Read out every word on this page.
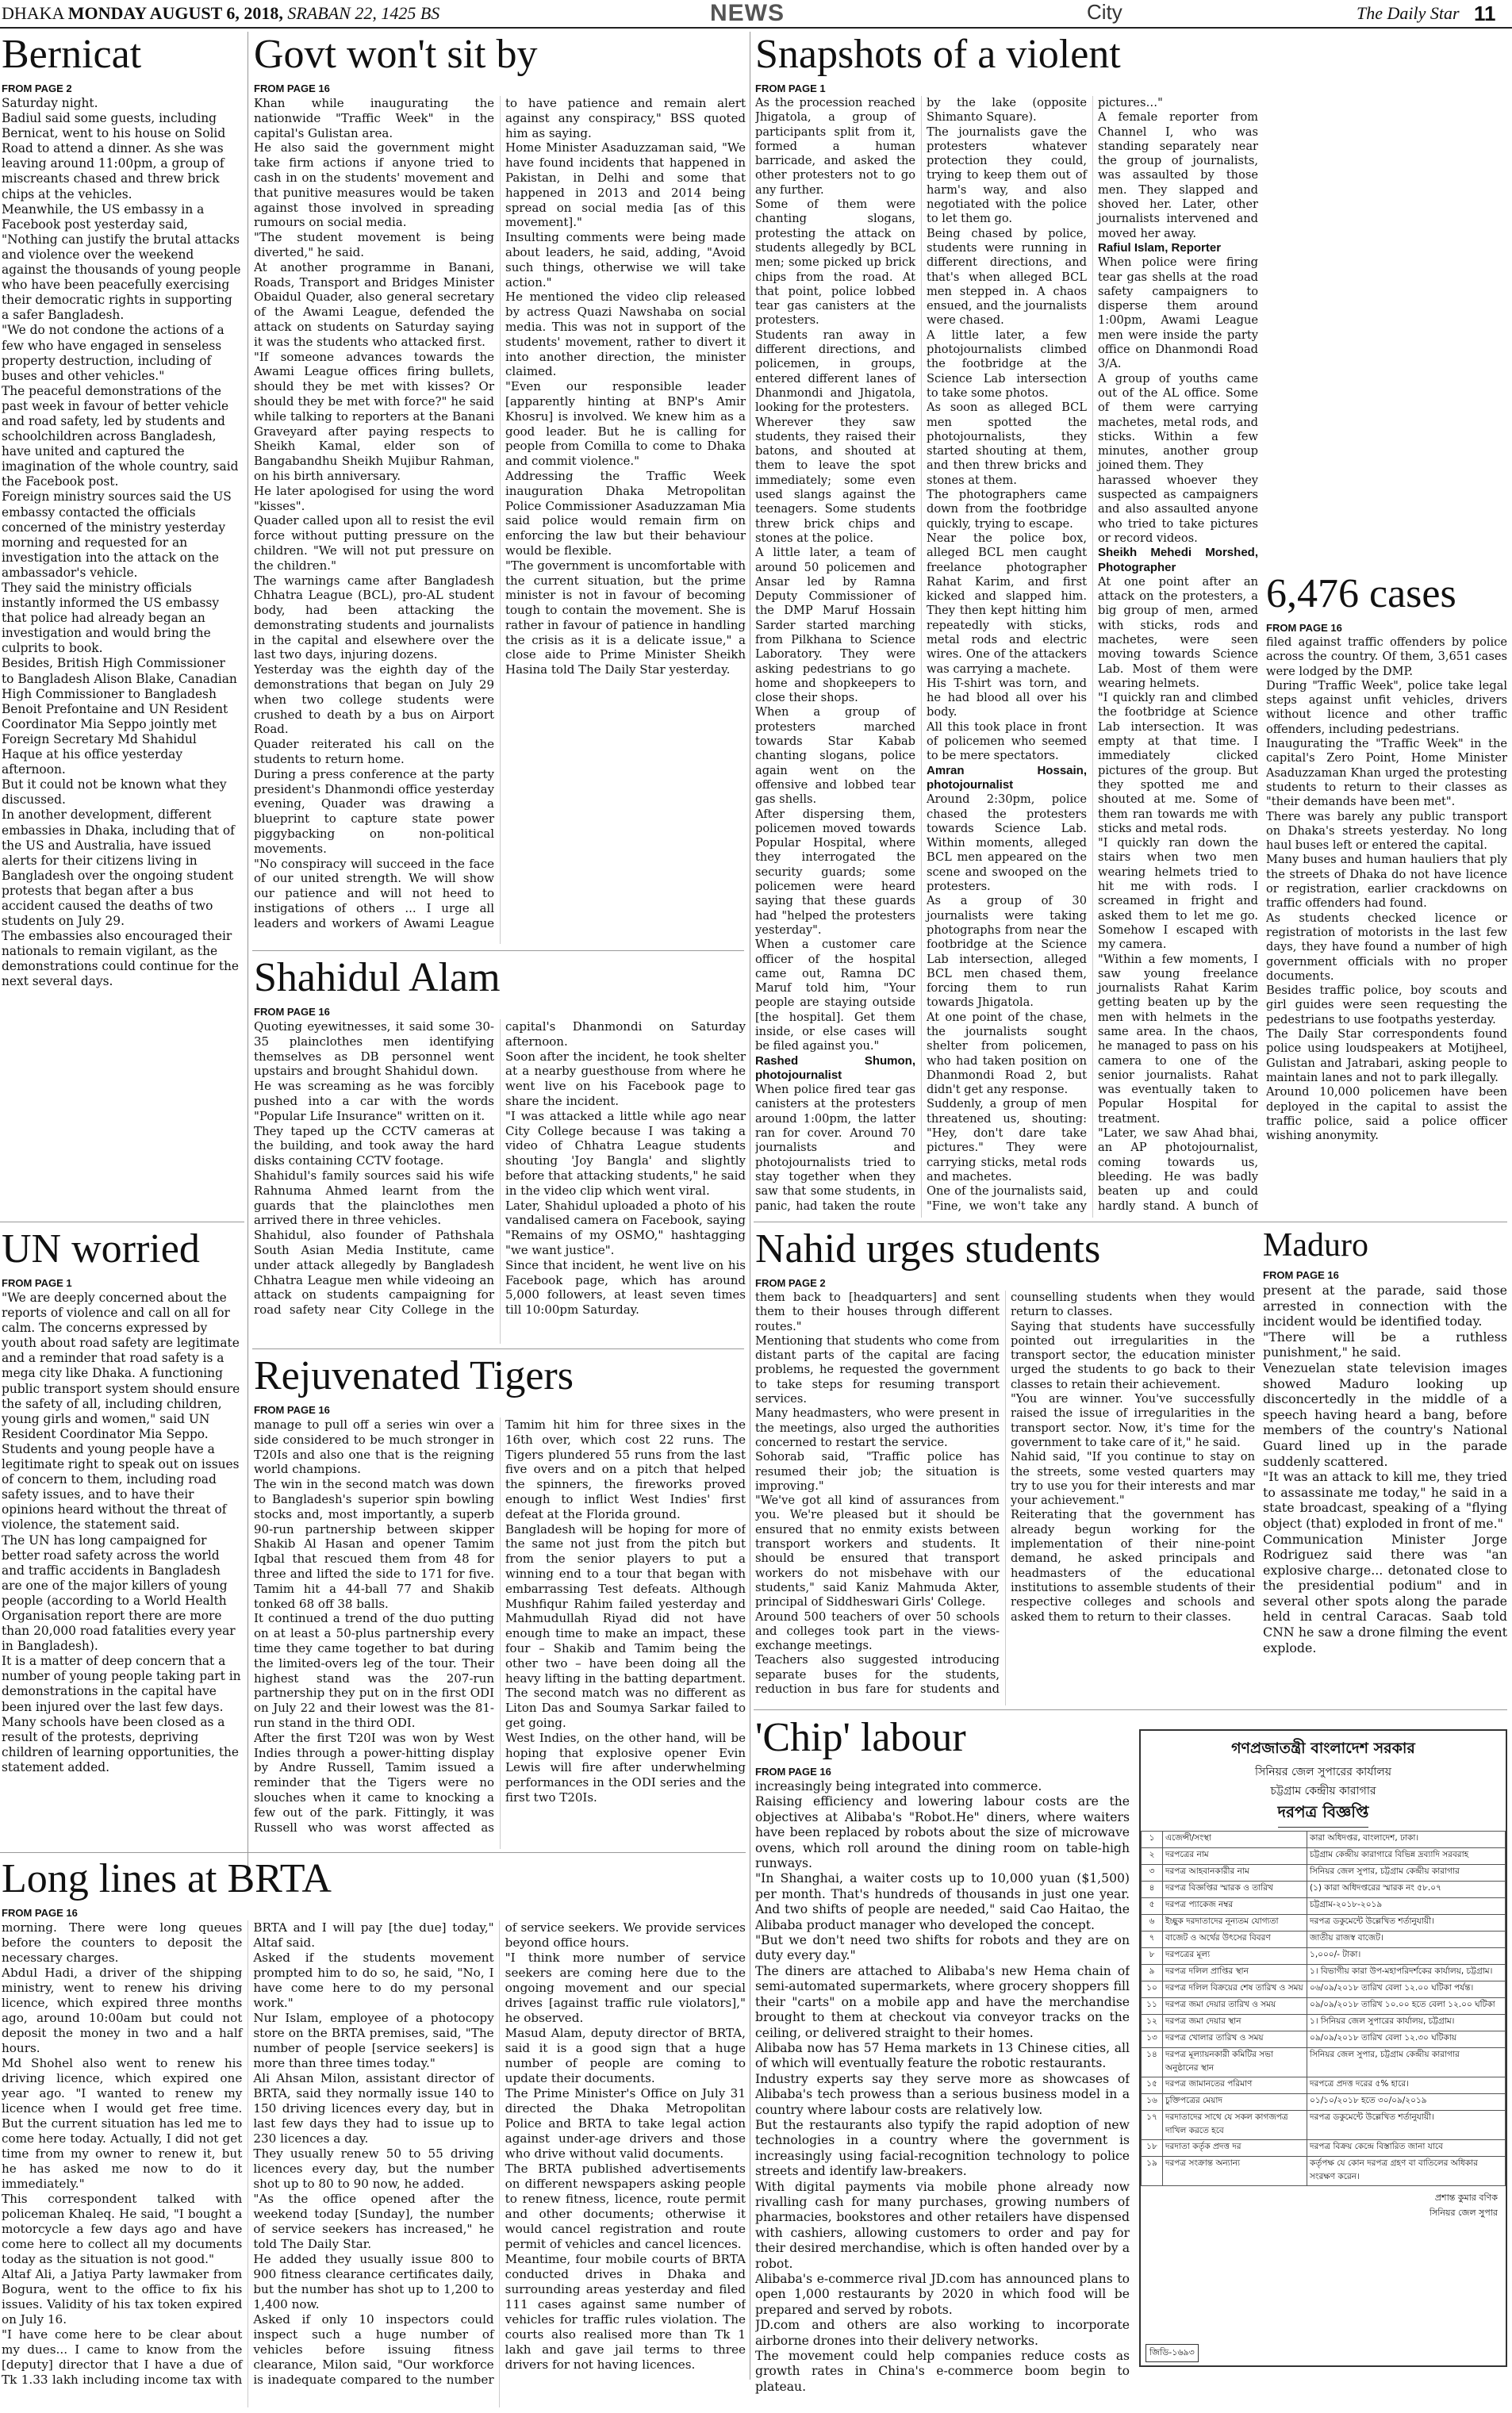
DHAKA MONDAY AUGUST 6, 2018, SRABAN 22, 1425 BS	NEWS	City	The Daily Star 11
Bernicat
FROM PAGE 2

Saturday night.

Badiul said some guests, including Bernicat, went to his house on Solid Road to attend a dinner. As she was leaving around 11:00pm, a group of miscreants chased and threw brick chips at the vehicles.

Meanwhile, the US embassy in a Facebook post yesterday said, "Nothing can justify the brutal attacks and violence over the weekend against the thousands of young people who have been peacefully exercising their democratic rights in supporting a safer Bangladesh.

"We do not condone the actions of a few who have engaged in senseless property destruction, including of buses and other vehicles."

The peaceful demonstrations of the past week in favour of better vehicle and road safety, led by students and schoolchildren across Bangladesh, have united and captured the imagination of the whole country, said the Facebook post.

Foreign ministry sources said the US embassy contacted the officials concerned of the ministry yesterday morning and requested for an investigation into the attack on the ambassador's vehicle.

They said the ministry officials instantly informed the US embassy that police had already began an investigation and would bring the culprits to book.

Besides, British High Commissioner to Bangladesh Alison Blake, Canadian High Commissioner to Bangladesh Benoit Prefontaine and UN Resident Coordinator Mia Seppo jointly met Foreign Secretary Md Shahidul Haque at his office yesterday afternoon.

But it could not be known what they discussed.

In another development, different embassies in Dhaka, including that of the US and Australia, have issued alerts for their citizens living in Bangladesh over the ongoing student protests that began after a bus accident caused the deaths of two students on July 29.

The embassies also encouraged their nationals to remain vigilant, as the demonstrations could continue for the next several days.

UN worried
FROM PAGE 1

"We are deeply concerned about the reports of violence and call on all for calm. The concerns expressed by youth about road safety are legitimate and a reminder that road safety is a mega city like Dhaka. A functioning public transport system should ensure the safety of all, including children, young girls and women," said UN Resident Coordinator Mia Seppo.

Students and young people have a legitimate right to speak out on issues of concern to them, including road safety issues, and to have their opinions heard without the threat of violence, the statement said.

The UN has long campaigned for better road safety across the world and traffic accidents in Bangladesh are one of the major killers of young people (according to a World Health Organisation report there are more than 20,000 road fatalities every year in Bangladesh).

It is a matter of deep concern that a number of young people taking part in demonstrations in the capital have been injured over the last few days. Many schools have been closed as a result of the protests, depriving children of learning opportunities, the statement added.

Govt won't sit by
FROM PAGE 16

Khan while inaugurating the nationwide "Traffic Week" in the capital's Gulistan area.

He also said the government might take firm actions if anyone tried to cash in on the students' movement and that punitive measures would be taken against those involved in spreading rumours on social media.

"The student movement is being diverted," he said.

At another programme in Banani, Roads, Transport and Bridges Minister Obaidul Quader, also general secretary of the Awami League, defended the attack on students on Saturday saying it was the students who attacked first.

"If someone advances towards the Awami League offices firing bullets, should they be met with kisses? Or should they be met with force?" he said while talking to reporters at the Banani Graveyard after paying respects to Sheikh Kamal, elder son of Bangabandhu Sheikh Mujibur Rahman, on his birth anniversary.

He later apologised for using the word "kisses".

Quader called upon all to resist the evil force without putting pressure on the children. "We will not put pressure on the children."

The warnings came after Bangladesh Chhatra League (BCL), pro-AL student body, had been attacking the demonstrating students and journalists in the capital and elsewhere over the last two days, injuring dozens.

Yesterday was the eighth day of the demonstrations that began on July 29 when two college students were crushed to death by a bus on Airport Road.

Quader reiterated his call on the students to return home.

During a press conference at the party president's Dhanmondi office yesterday evening, Quader was drawing a blueprint to capture state power piggybacking on non-political movements.

"No conspiracy will succeed in the face of our united strength. We will show our patience and will not heed to instigations of others ... I urge all leaders and workers of Awami League to have patience and remain alert against any conspiracy," BSS quoted him as saying.

Home Minister Asaduzzaman said, "We have found incidents that happened in Pakistan, in Delhi and some that happened in 2013 and 2014 being spread on social media [as of this movement]."

Insulting comments were being made about leaders, he said, adding, "Avoid such things, otherwise we will take action."

He mentioned the video clip released by actress Quazi Nawshaba on social media. This was not in support of the students' movement, rather to divert it into another direction, the minister claimed.

"Even our responsible leader [apparently hinting at BNP's Amir Khosru] is involved. We knew him as a good leader. But he is calling for people from Comilla to come to Dhaka and commit violence."

Addressing the Traffic Week inauguration Dhaka Metropolitan Police Commissioner Asaduzzaman Mia said police would remain firm on enforcing the law but their behaviour would be flexible.

"The government is uncomfortable with the current situation, but the prime minister is not in favour of becoming tough to contain the movement. She is rather in favour of patience in handling the crisis as it is a delicate issue," a close aide to Prime Minister Sheikh Hasina told The Daily Star yesterday.

Shahidul Alam
FROM PAGE 16

Quoting eyewitnesses, it said some 30-35 plainclothes men identifying themselves as DB personnel went upstairs and brought Shahidul down.

He was screaming as he was forcibly pushed into a car with the words "Popular Life Insurance" written on it.

They taped up the CCTV cameras at the building, and took away the hard disks containing CCTV footage.

Shahidul's family sources said his wife Rahnuma Ahmed learnt from the guards that the plainclothes men arrived there in three vehicles.

Shahidul, also founder of Pathshala South Asian Media Institute, came under attack allegedly by Bangladesh Chhatra League men while videoing an attack on students campaigning for road safety near City College in the capital's Dhanmondi on Saturday afternoon.

Soon after the incident, he took shelter at a nearby guesthouse from where he went live on his Facebook page to share the incident.

"I was attacked a little while ago near City College because I was taking a video of Chhatra League students shouting 'Joy Bangla' and slightly before that attacking students," he said in the video clip which went viral.

Later, Shahidul uploaded a photo of his vandalised camera on Facebook, saying "Remains of my OSMO," hashtagging "we want justice".

Since that incident, he went live on his Facebook page, which has around 5,000 followers, at least seven times till 10:00pm Saturday.

Rejuvenated Tigers
FROM PAGE 16

manage to pull off a series win over a side considered to be much stronger in T20Is and also one that is the reigning world champions.

The win in the second match was down to Bangladesh's superior spin bowling stocks and, most importantly, a superb 90-run partnership between skipper Shakib Al Hasan and opener Tamim Iqbal that rescued them from 48 for three and lifted the side to 171 for five. Tamim hit a 44-ball 77 and Shakib tonked 68 off 38 balls.

It continued a trend of the duo putting on at least a 50-plus partnership every time they came together to bat during the limited-overs leg of the tour. Their highest stand was the 207-run partnership they put on in the first ODI on July 22 and their lowest was the 81-run stand in the third ODI.

After the first T20I was won by West Indies through a power-hitting display by Andre Russell, Tamim issued a reminder that the Tigers were no slouches when it came to knocking a few out of the park. Fittingly, it was Russell who was worst affected as Tamim hit him for three sixes in the 16th over, which cost 22 runs. The Tigers plundered 55 runs from the last five overs and on a pitch that helped the spinners, the fireworks proved enough to inflict West Indies' first defeat at the Florida ground.

Bangladesh will be hoping for more of the same not just from the pitch but from the senior players to put a winning end to a tour that began with embarrassing Test defeats. Although Mushfiqur Rahim failed yesterday and Mahmudullah Riyad did not have enough time to make an impact, these four – Shakib and Tamim being the other two – have been doing all the heavy lifting in the batting department. The second match was no different as Liton Das and Soumya Sarkar failed to get going.

West Indies, on the other hand, will be hoping that explosive opener Evin Lewis will fire after underwhelming performances in the ODI series and the first two T20Is.

Snapshots of a violent
FROM PAGE 1

As the procession reached Jhigatola, a group of participants split from it, formed a human barricade, and asked the other protesters not to go any further.

Some of them were chanting slogans, protesting the attack on students allegedly by BCL men; some picked up brick chips from the road. At that point, police lobbed tear gas canisters at the protesters.

Students ran away in different directions, and policemen, in groups, entered different lanes of Dhanmondi and Jhigatola, looking for the protesters.

Wherever they saw students, they raised their batons, and shouted at them to leave the spot immediately; some even used slangs against the teenagers. Some students threw brick chips and stones at the police.

A little later, a team of around 50 policemen and Ansar led by Ramna Deputy Commissioner of the DMP Maruf Hossain Sarder started marching from Pilkhana to Science Laboratory. They were asking pedestrians to go home and shopkeepers to close their shops.

When a group of protesters marched towards Star Kabab chanting slogans, police again went on the offensive and lobbed tear gas shells.

After dispersing them, policemen moved towards Popular Hospital, where they interrogated the security guards; some policemen were heard saying that these guards had "helped the protesters yesterday".

When a customer care officer of the hospital came out, Ramna DC Maruf told him, "Your people are staying outside [the hospital]. Get them inside, or else cases will be filed against you."

Rashed Shumon, photojournalist

When police fired tear gas canisters at the protesters around 1:00pm, the latter ran for cover. Around 70 journalists and photojournalists tried to stay together when they saw that some students, in panic, had taken the route by the lake (opposite Shimanto Square).

The journalists gave the protesters whatever protection they could, trying to keep them out of harm's way, and also negotiated with the police to let them go.

Being chased by police, students were running in different directions, and that's when alleged BCL men stepped in. A chaos ensued, and the journalists were chased.

A little later, a few photojournalists climbed the footbridge at the Science Lab intersection to take some photos.

As soon as alleged BCL men spotted the photojournalists, they started shouting at them, and then threw bricks and stones at them.

The photographers came down from the footbridge quickly, trying to escape.

Near the police box, alleged BCL men caught freelance photographer Rahat Karim, and first kicked and slapped him. They then kept hitting him repeatedly with sticks, metal rods and electric wires. One of the attackers was carrying a machete.

His T-shirt was torn, and he had blood all over his body.

All this took place in front of policemen who seemed to be mere spectators.

Amran Hossain, photojournalist

Around 2:30pm, police chased the protesters towards Science Lab. Within moments, alleged BCL men appeared on the scene and swooped on the protesters.

As a group of 30 journalists were taking photographs from near the footbridge at the Science Lab intersection, alleged BCL men chased them, forcing them to run towards Jhigatola.

At one point of the chase, the journalists sought shelter from policemen, who had taken position on Dhanmondi Road 2, but didn't get any response.

Suddenly, a group of men threatened us, shouting: "Hey, don't dare take pictures." They were carrying sticks, metal rods and machetes.

One of the journalists said, "Fine, we won't take any pictures…"

A female reporter from Channel I, who was standing separately near the group of journalists, was assaulted by those men. They slapped and shoved her. Later, other journalists intervened and moved her away.

Rafiul Islam, Reporter

When police were firing tear gas shells at the road safety campaigners to disperse them around 1:00pm, Awami League men were inside the party office on Dhanmondi Road 3/A.

A group of youths came out of the AL office. Some of them were carrying machetes, metal rods, and sticks. Within a few minutes, another group joined them. They

harassed whoever they suspected as campaigners and also assaulted anyone who tried to take pictures or record videos.

Sheikh Mehedi Morshed, Photographer

At one point after an attack on the protesters, a big group of men, armed with sticks, rods and machetes, were seen moving towards Science Lab. Most of them were wearing helmets.

"I quickly ran and climbed the footbridge at Science Lab intersection. It was empty at that time. I immediately clicked pictures of the group. But they spotted me and shouted at me. Some of them ran towards me with sticks and metal rods.

"I quickly ran down the stairs when two men wearing helmets tried to hit me with rods. I screamed in fright and asked them to let me go. Somehow I escaped with my camera.

"Within a few moments, I saw young freelance journalists Rahat Karim getting beaten up by the men with helmets in the same area. In the chaos, he managed to pass on his camera to one of the senior journalists. Rahat was eventually taken to Popular Hospital for treatment.

"Later, we saw Ahad bhai, an AP photojournalist, coming towards us, bleeding. He was badly beaten up and could hardly stand. A bunch of

6,476 cases
FROM PAGE 16

filed against traffic offenders by police across the country. Of them, 3,651 cases were lodged by the DMP.

During "Traffic Week", police take legal steps against unfit vehicles, drivers without licence and other traffic offenders, including pedestrians.

Inaugurating the "Traffic Week" in the capital's Zero Point, Home Minister Asaduzzaman Khan urged the protesting students to return to their classes as "their demands have been met".

There was barely any public transport on Dhaka's streets yesterday. No long haul buses left or entered the capital.

Many buses and human hauliers that ply the streets of Dhaka do not have licence or registration, earlier crackdowns on traffic offenders had found.

As students checked licence or registration of motorists in the last few days, they have found a number of high government officials with no proper documents.

Besides traffic police, boy scouts and girl guides were seen requesting the pedestrians to use footpaths yesterday.

The Daily Star correspondents found police using loudspeakers at Motijheel, Gulistan and Jatrabari, asking people to maintain lanes and not to park illegally.

Around 10,000 policemen have been deployed in the capital to assist the traffic police, said a police officer wishing anonymity.

Nahid urges students
FROM PAGE 2

them back to [headquarters] and sent them to their houses through different routes."

Mentioning that students who come from distant parts of the capital are facing problems, he requested the government to take steps for resuming transport services.

Many headmasters, who were present in the meetings, also urged the authorities concerned to restart the service.

Sohorab said, "Traffic police has resumed their job; the situation is improving."

"We've got all kind of assurances from you. We're pleased but it should be ensured that no enmity exists between transport workers and students. It should be ensured that transport workers do not misbehave with our students," said Kaniz Mahmuda Akter, principal of Siddheswari Girls' College.

Around 500 teachers of over 50 schools and colleges took part in the views-exchange meetings.

Teachers also suggested introducing separate buses for the students, reduction in bus fare for students and counselling students when they would return to classes.

Saying that students have successfully pointed out irregularities in the transport sector, the education minister urged the students to go back to their classes to retain their achievement.

"You are winner. You've successfully raised the issue of irregularities in the transport sector. Now, it's time for the government to take care of it," he said.

Nahid said, "If you continue to stay on the streets, some vested quarters may try to use you for their interests and mar your achievement."

Reiterating that the government has already begun working for the implementation of their nine-point demand, he asked principals and headmasters of the educational institutions to assemble students of their respective colleges and schools and asked them to return to their classes.

Maduro
FROM PAGE 16

present at the parade, said those arrested in connection with the incident would be identified today.

"There will be a ruthless punishment," he said.

Venezuelan state television images showed Maduro looking up disconcertedly in the middle of a speech having heard a bang, before members of the country's National Guard lined up in the parade suddenly scattered.

"It was an attack to kill me, they tried to assassinate me today," he said in a state broadcast, speaking of a "flying object (that) exploded in front of me."

Communication Minister Jorge Rodriguez said there was "an explosive charge... detonated close to the presidential podium" and in several other spots along the parade held in central Caracas. Saab told CNN he saw a drone filming the event explode.

Long lines at BRTA
FROM PAGE 16

morning. There were long queues before the counters to deposit the necessary charges.

Abdul Hadi, a driver of the shipping ministry, went to renew his driving licence, which expired three months ago, around 10:00am but could not deposit the money in two and a half hours.

Md Shohel also went to renew his driving licence, which expired one year ago. "I wanted to renew my licence when I would get free time. But the current situation has led me to come here today. Actually, I did not get time from my owner to renew it, but he has asked me now to do it immediately."

This correspondent talked with policeman Khaleq. He said, "I bought a motorcycle a few days ago and have come here to collect all my documents today as the situation is not good."

Altaf Ali, a Jatiya Party lawmaker from Bogura, went to the office to fix his issues. Validity of his tax token expired on July 16.

"I have come here to be clear about my dues... I came to know from the [deputy] director that I have a due of Tk 1.33 lakh including income tax with BRTA and I will pay [the due] today," Altaf said.

Asked if the students movement prompted him to do so, he said, "No, I have come here to do my personal work."

Nur Islam, employee of a photocopy store on the BRTA premises, said, "The number of people [service seekers] is more than three times today."

Ali Ahsan Milon, assistant director of BRTA, said they normally issue 140 to 150 driving licences every day, but in last few days they had to issue up to 230 licences a day.

They usually renew 50 to 55 driving licences every day, but the number shot up to 80 to 90 now, he added.

"As the office opened after the weekend today [Sunday], the number of service seekers has increased," he told The Daily Star.

He added they usually issue 800 to 900 fitness clearance certificates daily, but the number has shot up to 1,200 to 1,400 now.

Asked if only 10 inspectors could inspect such a huge number of vehicles before issuing fitness clearance, Milon said, "Our workforce is inadequate compared to the number of service seekers. We provide services beyond office hours.

"I think more number of service seekers are coming here due to the ongoing movement and our special drives [against traffic rule violators]," he observed.

Masud Alam, deputy director of BRTA, said it is a good sign that a huge number of people are coming to update their documents.

The Prime Minister's Office on July 31 directed the Dhaka Metropolitan Police and BRTA to take legal action against under-age drivers and those who drive without valid documents.

The BRTA published advertisements on different newspapers asking people to renew fitness, licence, route permit and other documents; otherwise it would cancel registration and route permit of vehicles and cancel licences.

Meantime, four mobile courts of BRTA conducted drives in Dhaka and surrounding areas yesterday and filed 111 cases against same number of vehicles for traffic rules violation. The courts also realised more than Tk 1 lakh and gave jail terms to three drivers for not having licences.

'Chip' labour
FROM PAGE 16

increasingly being integrated into commerce.

Raising efficiency and lowering labour costs are the objectives at Alibaba's "Robot.He" diners, where waiters have been replaced by robots about the size of microwave ovens, which roll around the dining room on table-high runways.

"In Shanghai, a waiter costs up to 10,000 yuan ($1,500) per month. That's hundreds of thousands in just one year. And two shifts of people are needed," said Cao Haitao, the Alibaba product manager who developed the concept.

"But we don't need two shifts for robots and they are on duty every day."

The diners are attached to Alibaba's new Hema chain of semi-automated supermarkets, where grocery shoppers fill their "carts" on a mobile app and have the merchandise brought to them at checkout via conveyor tracks on the ceiling, or delivered straight to their homes.

Alibaba now has 57 Hema markets in 13 Chinese cities, all of which will eventually feature the robotic restaurants.

Industry experts say they serve more as showcases of Alibaba's tech prowess than a serious business model in a country where labour costs are relatively low.

But the restaurants also typify the rapid adoption of new technologies in a country where the government is increasingly using facial-recognition technology to police streets and identify law-breakers.

With digital payments via mobile phone already now rivalling cash for many purchases, growing numbers of pharmacies, bookstores and other retailers have dispensed with cashiers, allowing customers to order and pay for their desired merchandise, which is often handed over by a robot.

Alibaba's e-commerce rival JD.com has announced plans to open 1,000 restaurants by 2020 in which food will be prepared and served by robots.

JD.com and others are also working to incorporate airborne drones into their delivery networks.

The movement could help companies reduce costs as growth rates in China's e-commerce boom begin to plateau.

গণপ্রজাতন্ত্রী বাংলাদেশ সরকার
সিনিয়র জেল সুপারের কার্যালয়
চট্টগ্রাম কেন্দ্রীয় কারাগার
দরপত্র বিজ্ঞপ্তি
১	এজেন্সী/সংস্থা	কারা অধিদপ্তর, বাংলাদেশ, ঢাকা।
২	দরপত্রের নাম	চট্টগ্রাম কেন্দ্রীয় কারাগারে বিভিন্ন দ্রব্যাদি সরবরাহ
৩	দরপত্র আহবানকারীর নাম	সিনিয়র জেল সুপার, চট্টগ্রাম কেন্দ্রীয় কারাগার
৪	দরপত্র বিজ্ঞপ্তির স্মারক ও তারিখ	(১) কারা অধিদপ্তরের স্মারক নং ৫৮.০৭
৫	দরপত্র প্যাকেজ নম্বর	চট্টগ্রাম-২০১৮-২০১৯
৬	ইচ্ছুক দরদাতাদের নূন্যতম যোগ্যতা	দরপত্র ডকুমেন্টে উল্লেখিত শর্তানুযায়ী।
৭	বাজেট ও অর্থের উৎসের বিবরণ	জাতীয় রাজস্ব বাজেট।
৮	দরপত্রের মূল্য	১,০০০/- টাকা।
৯	দরপত্র দলিল প্রাপ্তির স্থান	১। বিভাগীয় কারা উপ-মহাপরিদর্শকের কার্যালয়, চট্টগ্রাম।
১০	দরপত্র দলিল বিক্রয়ের শেষ তারিখ ও সময়	০৬/০৯/২০১৮ তারিখ বেলা ১২.০০ ঘটিকা পর্যন্ত।
১১	দরপত্র জমা দেয়ার তারিখ ও সময়	০৯/০৯/২০১৮ তারিখ ১০.০০ হতে বেলা ১২.০০ ঘটিকা
১২	দরপত্র জমা দেয়ার স্থান	১। সিনিয়র জেল সুপারের কার্যালয়, চট্টগ্রাম।
১৩	দরপত্র খোলার তারিখ ও সময়	০৯/০৯/২০১৮ তারিখ বেলা ১২.৩০ ঘটিকায়
১৪	দরপত্র মূল্যায়নকারী কমিটির সভা অনুষ্ঠানের স্থান	সিনিয়র জেল সুপার, চট্টগ্রাম কেন্দ্রীয় কারাগার
১৫	দরপত্র জামানতের পরিমাণ	দরপত্রে প্রদত্ত দরের ৫% হারে।
১৬	চুক্তিপত্রের মেয়াদ	০১/১০/২০১৮ হতে ৩০/০৯/২০১৯
১৭	দরদাতাদের সাথে যে সকল কাগজপত্র দাখিল করতে হবে	দরপত্র ডকুমেন্টে উল্লেখিত শর্তানুযায়ী।
১৮	দরদাতা কর্তৃক প্রদত্ত দর	দরপত্র বিক্রয় কেন্দ্রে বিস্তারিত জানা যাবে
১৯	দরপত্র সংক্রান্ত অন্যান্য	কর্তৃপক্ষ যে কোন দরপত্র গ্রহণ বা বাতিলের অধিকার সংরক্ষণ করেন।
প্রশান্ত কুমার বণিক
সিনিয়র জেল সুপার
জিডি-১৬৯৩
